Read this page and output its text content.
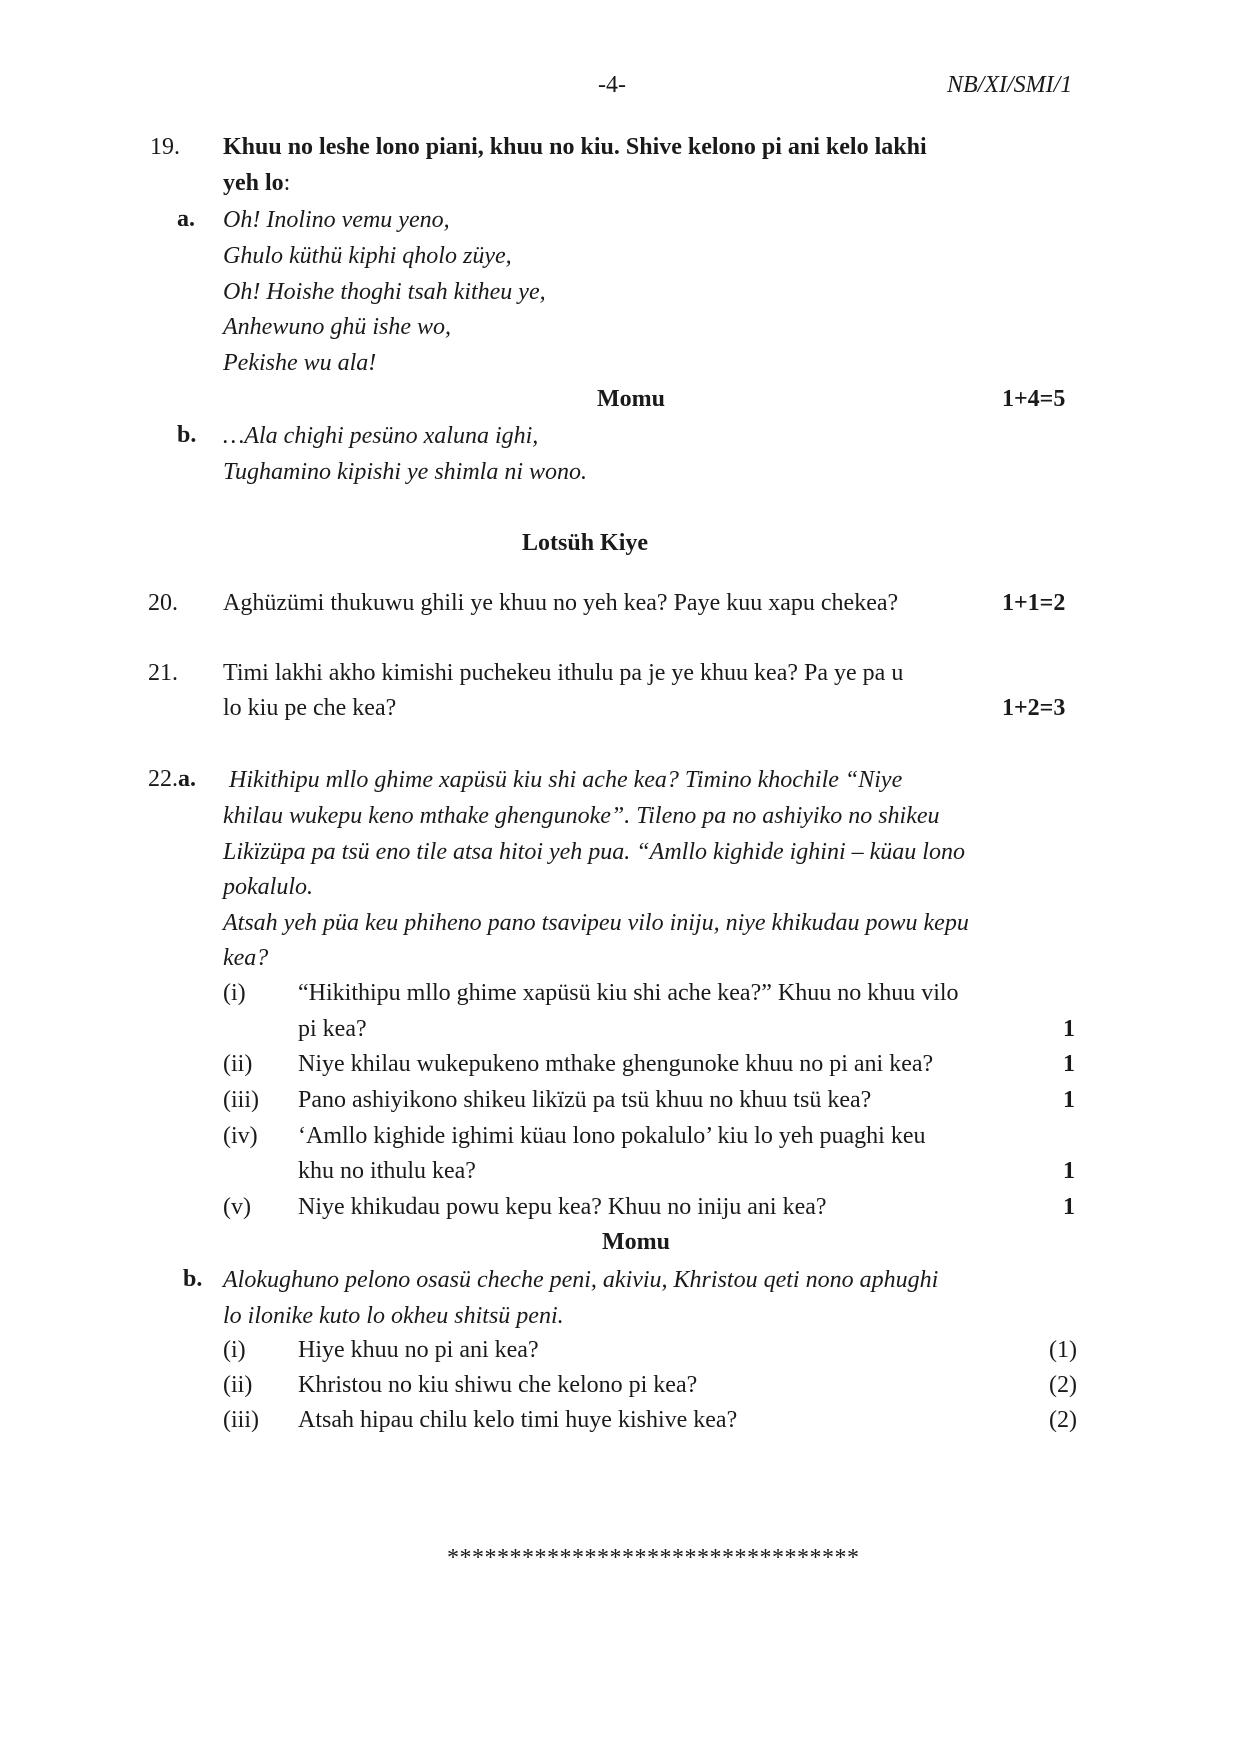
-4-	NB/XI/SMI/1
19. Khuu no leshe lono piani, khuu no kiu. Shive kelono pi ani kelo lakhi
yeh lo:
a. Oh! Inolino vemu yeno,
Ghulo küthü kiphi qholo züye,
Oh! Hoishe thoghi tsah kitheu ye,
Anhewuno ghü ishe wo,
Pekishe wu ala!
Momu	1+4=5
b. …Ala chighi pesüno xaluna ighi,
Tughamino kipishi ye shimla ni wono.
Lotsüh Kiye
20. Aghüzümi thukuwu ghili ye khuu no yeh kea? Paye kuu xapu chekea?	1+1=2
21. Timi lakhi akho kimishi puchekeu ithulu pa je ye khuu kea? Pa ye pa u
lo kiu pe che kea?	1+2=3
22.a. Hikithipu mllo ghime xapüsü kiu shi ache kea? Timino khochile “Niye
khilau wukepu keno mthake ghengunoke”. Tileno pa no ashiyiko no shikeu
Likïzüpa pa tsü eno tile atsa hitoi yeh pua. “Amllo kighide ighini – küau lono
pokalulo.
Atsah yeh püa keu phiheno pano tsavipeu vilo iniju, niye khikudau powu kepu
kea?
(i) “Hikithipu mllo ghime xapüsü kiu shi ache kea?” Khuu no khuu vilo
pi kea?	1
(ii) Niye khilau wukepukeno mthake ghengunoke khuu no pi ani kea?	1
(iii) Pano ashiyikono shikeu likïzü pa tsü khuu no khuu tsü kea?	1
(iv) ‘Amllo kighide ighimi küau lono pokalulo’ kiu lo yeh puaghi keu
khu no ithulu kea?	1
(v) Niye khikudau powu kepu kea? Khuu no iniju ani kea?	1
Momu
b. Alokughuno pelono osasü cheche peni, akiviu, Khristou qeti nono aphughi
lo ilonike kuto lo okheu shitsü peni.
(i) Hiye khuu no pi ani kea?	(1)
(ii) Khristou no kiu shiwu che kelono pi kea?	(2)
(iii) Atsah hipau chilu kelo timi huye kishive kea?	(2)
*********************************
